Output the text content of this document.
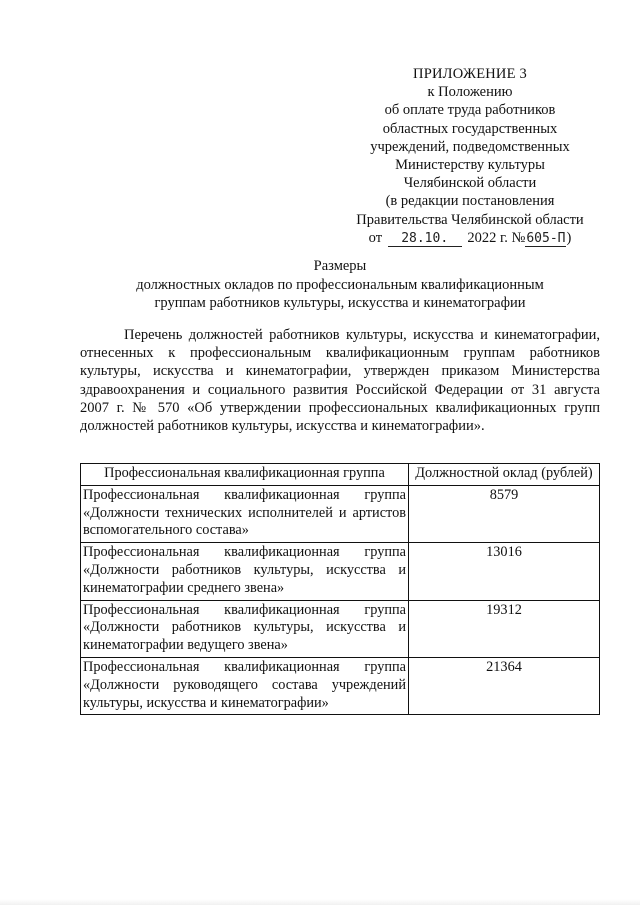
ПРИЛОЖЕНИЕ 3
к Положению
об оплате труда работников
областных государственных
учреждений, подведомственных
Министерству культуры
Челябинской области
(в редакции постановления
Правительства Челябинской области
от 28.10. 2022 г. №605-П)
Размеры
должностных окладов по профессиональным квалификационным
группам работников культуры, искусства и кинематографии

Перечень должностей работников культуры, искусства и кинематографии, отнесенных к профессиональным квалификационным группам работников культуры, искусства и кинематографии, утвержден приказом Министерства здравоохранения и социального развития Российской Федерации от 31 августа 2007 г. № 570 «Об утверждении профессиональных квалификационных групп должностей работников культуры, искусства и кинематографии».

Профессиональная квалификационная группа	Должностной оклад (рублей)
Профессиональная квалификационная группа «Должности технических исполнителей и артистов вспомогательного состава»	8579
Профессиональная квалификационная группа «Должности работников культуры, искусства и кинематографии среднего звена»	13016
Профессиональная квалификационная группа «Должности работников культуры, искусства и кинематографии ведущего звена»	19312
Профессиональная квалификационная группа «Должности руководящего состава учреждений культуры, искусства и кинематографии»	21364
